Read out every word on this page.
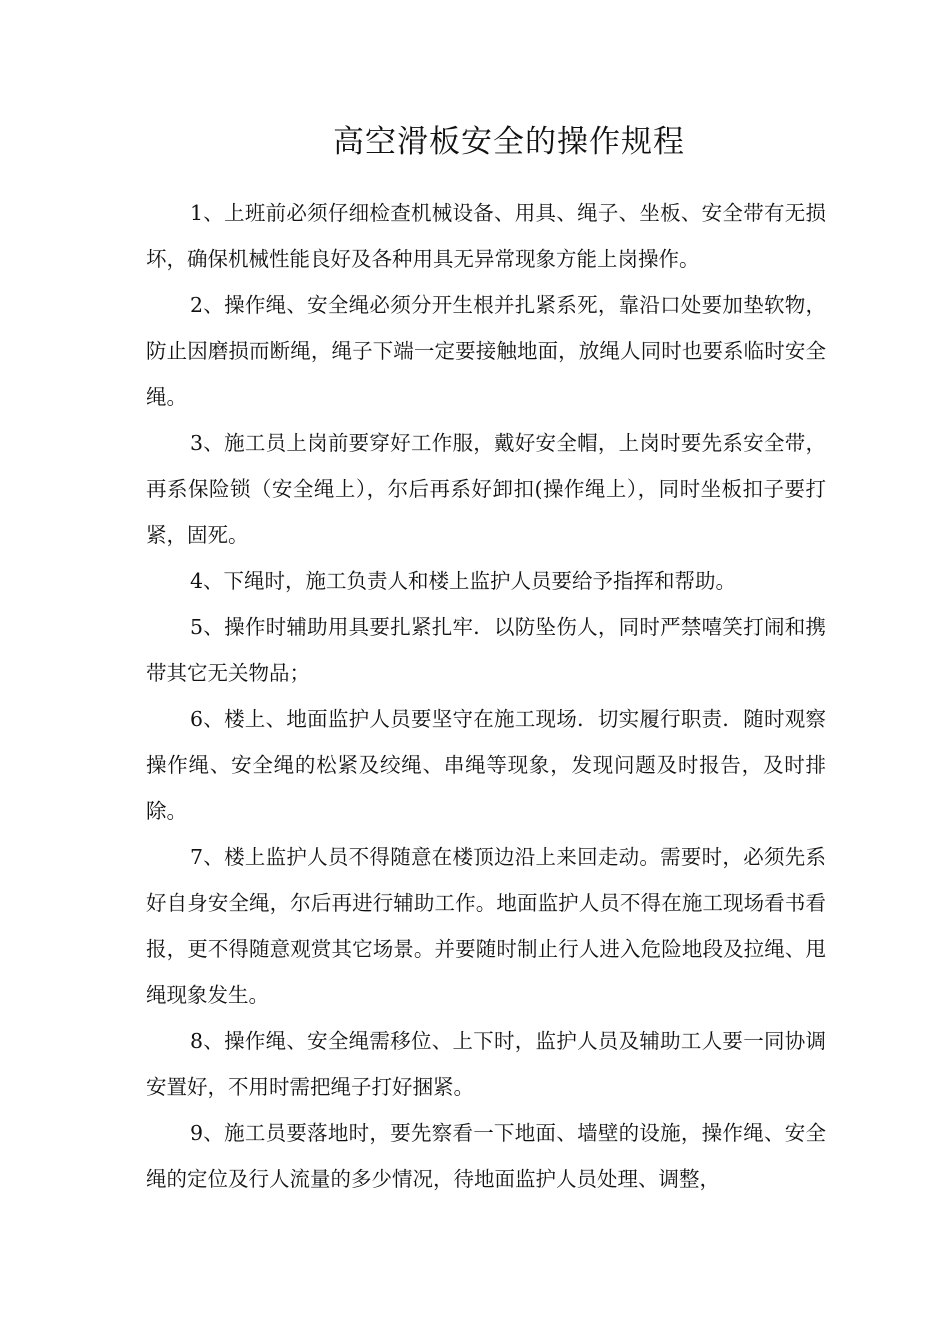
高空滑板安全的操作规程

1、上班前必须仔细检查机械设备、用具、绳子、坐板、安全带有无损坏，确保机械性能良好及各种用具无异常现象方能上岗操作。

2、操作绳、安全绳必须分开生根并扎紧系死，靠沿口处要加垫软物，防止因磨损而断绳，绳子下端一定要接触地面，放绳人同时也要系临时安全绳。

3、施工员上岗前要穿好工作服，戴好安全帽，上岗时要先系安全带，再系保险锁（安全绳上），尔后再系好卸扣(操作绳上），同时坐板扣子要打紧，固死。

4、下绳时，施工负责人和楼上监护人员要给予指挥和帮助。

5、操作时辅助用具要扎紧扎牢．以防坠伤人，同时严禁嘻笑打闹和携带其它无关物品；

6、楼上、地面监护人员要坚守在施工现场．切实履行职责．随时观察操作绳、安全绳的松紧及绞绳、串绳等现象，发现问题及时报告，及时排除。

7、楼上监护人员不得随意在楼顶边沿上来回走动。需要时，必须先系好自身安全绳，尔后再进行辅助工作。地面监护人员不得在施工现场看书看报，更不得随意观赏其它场景。并要随时制止行人进入危险地段及拉绳、甩绳现象发生。

8、操作绳、安全绳需移位、上下时，监护人员及辅助工人要一同协调安置好，不用时需把绳子打好捆紧。

9、施工员要落地时，要先察看一下地面、墙壁的设施，操作绳、安全绳的定位及行人流量的多少情况，待地面监护人员处理、调整，
